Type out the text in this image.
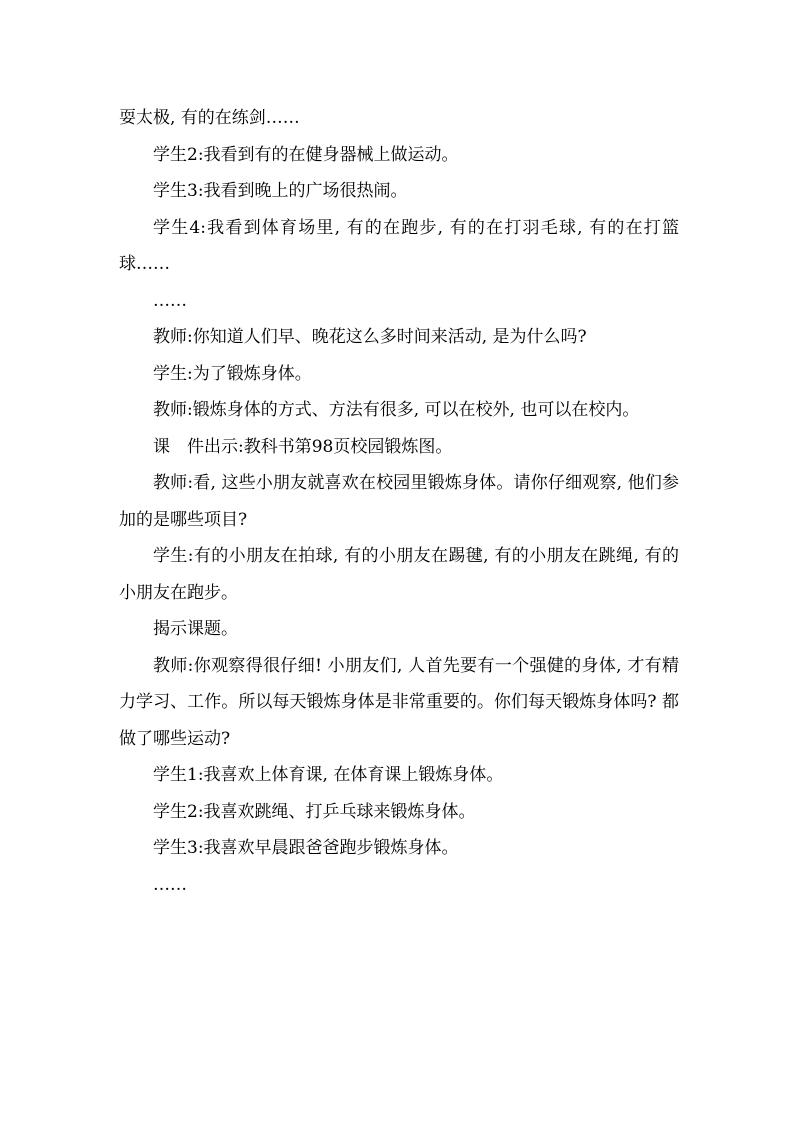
耍太极, 有的在练剑……

学生2:我看到有的在健身器械上做运动。

学生3:我看到晚上的广场很热闹。

学生4:我看到体育场里, 有的在跑步, 有的在打羽毛球, 有的在打篮球……

……

教师:你知道人们早、晚花这么多时间来活动, 是为什么吗?

学生:为了锻炼身体。

教师:锻炼身体的方式、方法有很多, 可以在校外, 也可以在校内。

课　件出示:教科书第98页校园锻炼图。

教师:看, 这些小朋友就喜欢在校园里锻炼身体。请你仔细观察, 他们参加的是哪些项目?

学生:有的小朋友在拍球, 有的小朋友在踢毽, 有的小朋友在跳绳, 有的小朋友在跑步。

揭示课题。

教师:你观察得很仔细! 小朋友们, 人首先要有一个强健的身体, 才有精力学习、工作。所以每天锻炼身体是非常重要的。你们每天锻炼身体吗? 都做了哪些运动?

学生1:我喜欢上体育课, 在体育课上锻炼身体。

学生2:我喜欢跳绳、打乒乓球来锻炼身体。

学生3:我喜欢早晨跟爸爸跑步锻炼身体。

……
